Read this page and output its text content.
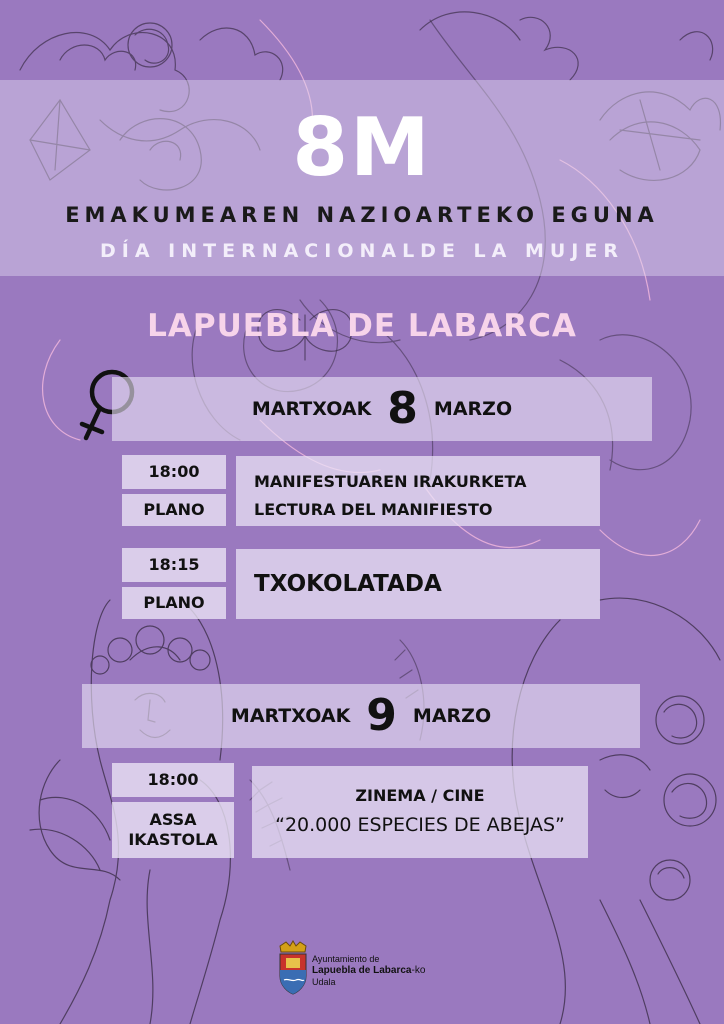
8M
EMAKUMEAREN NAZIOARTEKO EGUNA
DÍA INTERNACIONALDE LA MUJER
LAPUEBLA DE LABARCA
MARTXOAK 8 MARZO
18:00
PLANO
MANIFESTUAREN IRAKURKETA
LECTURA DEL MANIFIESTO
18:15
PLANO
TXOKOLATADA
MARTXOAK 9 MARZO
18:00
ASSA
IKASTOLA
ZINEMA / CINE
“20.000 ESPECIES DE ABEJAS”
Ayuntamiento de
Lapuebla de Labarca-ko
Udala
